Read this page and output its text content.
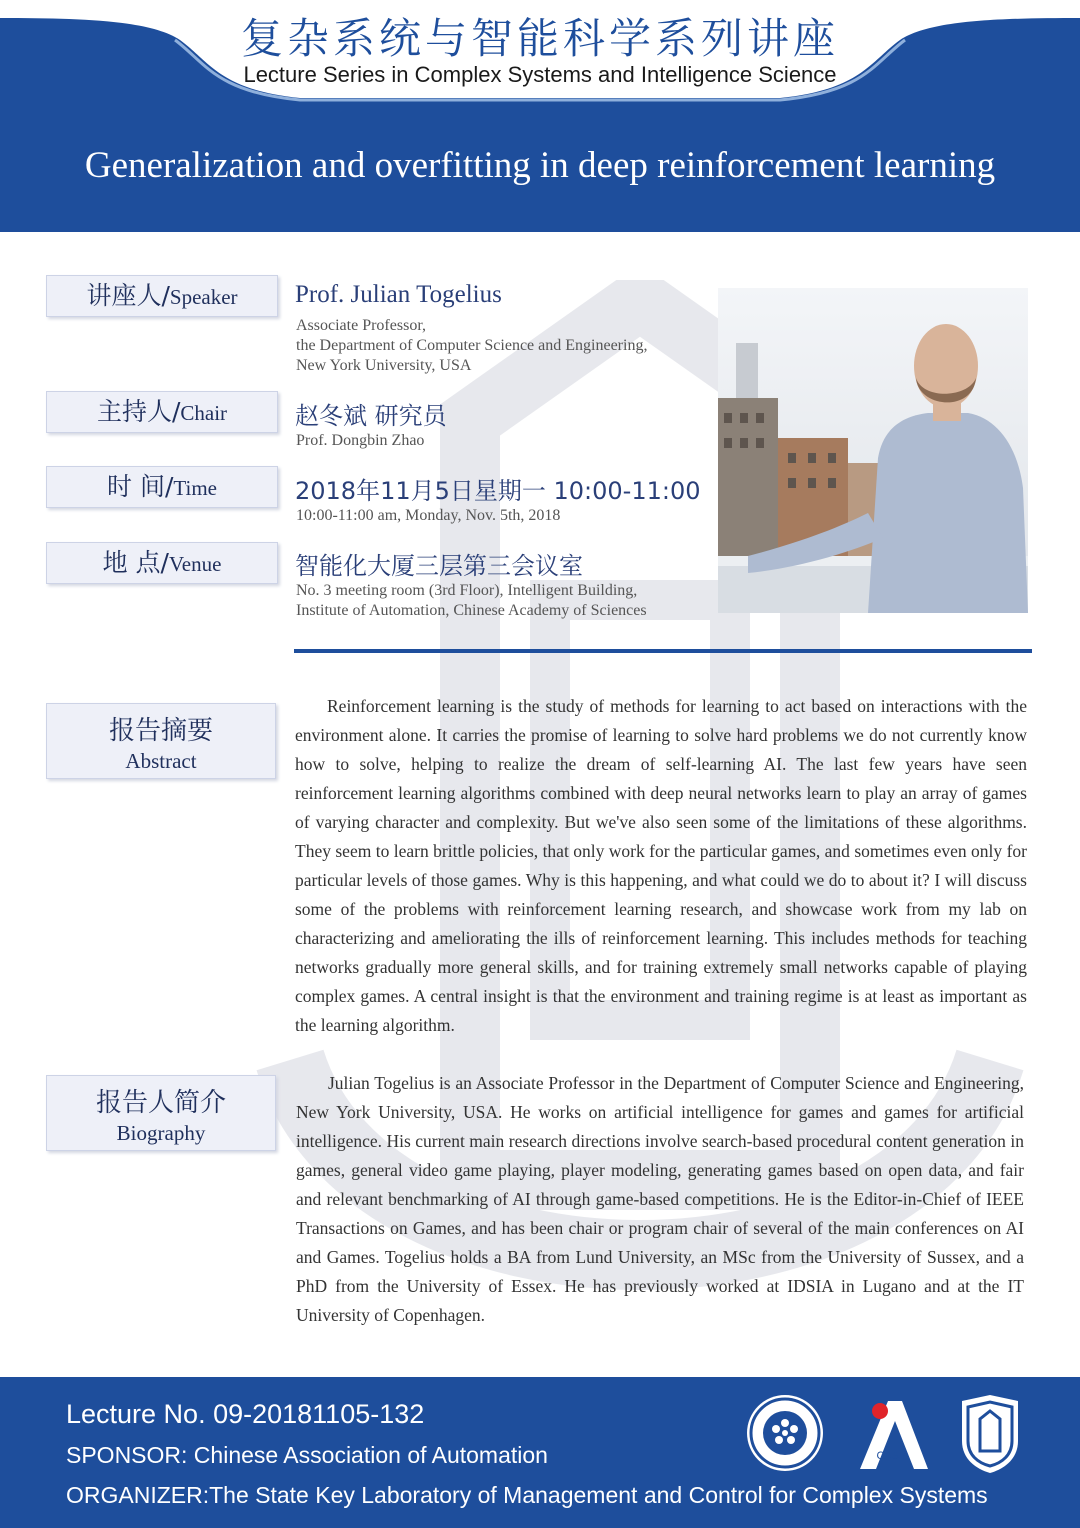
复杂系统与智能科学系列讲座
Lecture Series in Complex Systems and Intelligence Science
Generalization and overfitting in deep reinforcement learning
讲座人/Speaker	Prof. Julian Togelius
Associate Professor,
the Department of Computer Science and Engineering,
New York University, USA
主持人/Chair	赵冬斌 研究员
Prof. Dongbin Zhao
时 间/Time	2018年11月5日星期一 10:00-11:00
10:00-11:00 am, Monday, Nov. 5th, 2018
地 点/Venue	智能化大厦三层第三会议室
No. 3 meeting room (3rd Floor), Intelligent Building,
Institute of Automation, Chinese Academy of Sciences
报告摘要
Abstract
Reinforcement learning is the study of methods for learning to act based on interactions with the environment alone. It carries the promise of learning to solve hard problems we do not currently know how to solve, helping to realize the dream of self-learning AI. The last few years have seen reinforcement learning algorithms combined with deep neural networks learn to play an array of games of varying character and complexity. But we've also seen some of the limitations of these algorithms. They seem to learn brittle policies, that only work for the particular games, and sometimes even only for particular levels of those games. Why is this happening, and what could we do to about it? I will discuss some of the problems with reinforcement learning research, and showcase work from my lab on characterizing and ameliorating the ills of reinforcement learning. This includes methods for teaching networks gradually more general skills, and for training extremely small networks capable of playing complex games. A central insight is that the environment and training regime is at least as important as the learning algorithm.
报告人简介
Biography
Julian Togelius is an Associate Professor in the Department of Computer Science and Engineering, New York University, USA. He works on artificial intelligence for games and games for artificial intelligence. His current main research directions involve search-based procedural content generation in games, general video game playing, player modeling, generating games based on open data, and fair and relevant benchmarking of AI through game-based competitions. He is the Editor-in-Chief of IEEE Transactions on Games, and has been chair or program chair of several of the main conferences on AI and Games. Togelius holds a BA from Lund University, an MSc from the University of Sussex, and a PhD from the University of Essex. He has previously worked at IDSIA in Lugano and at the IT University of Copenhagen.
Lecture No. 09-20181105-132
SPONSOR: Chinese Association of Automation
ORGANIZER:The State Key Laboratory of Management and Control for Complex Systems
CASIA
